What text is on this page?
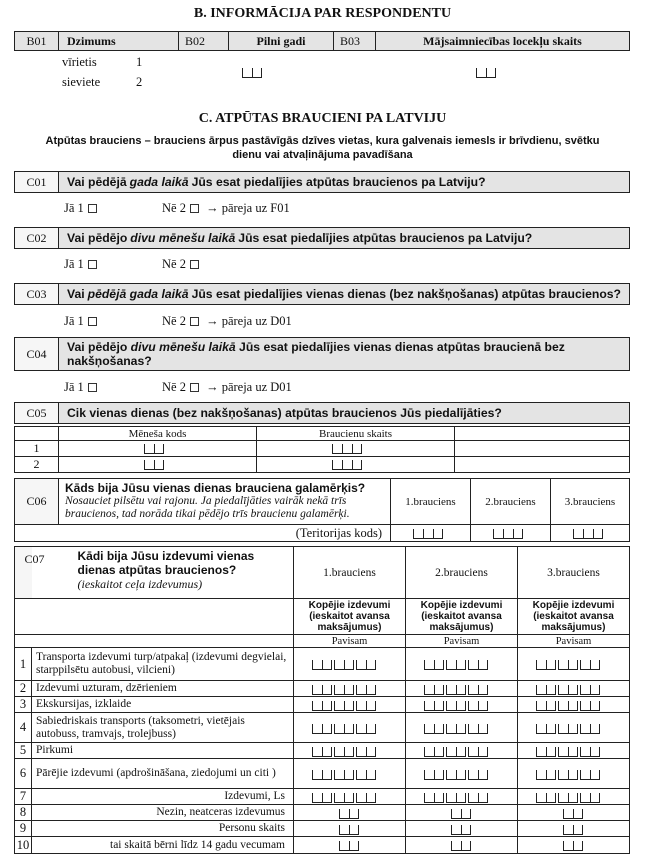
B. INFORMĀCIJA PAR RESPONDENTU
B01	Dzimums	B02	Pilni gadi	B03	Mājsaimniecības locekļu skaits
vīrietis	1
sieviete	2
C. ATPŪTAS BRAUCIENI PA LATVIJU
Atpūtas brauciens – brauciens ārpus pastāvīgās dzīves vietas, kura galvenais iemesls ir brīvdienu, svētku dienu vai atvaļinājuma pavadīšana
C01	Vai pēdējā gada laikā Jūs esat piedalījies atpūtas braucienos pa Latviju?
Jā 1	Nē 2 → pāreja uz F01
C02	Vai pēdējo divu mēnešu laikā Jūs esat piedalījies atpūtas braucienos pa Latviju?
Jā 1	Nē 2
C03	Vai pēdējā gada laikā Jūs esat piedalījies vienas dienas (bez nakšņošanas) atpūtas braucienos?
Jā 1	Nē 2 → pāreja uz D01
C04	Vai pēdējo divu mēnešu laikā Jūs esat piedalījies vienas dienas atpūtas braucienā bez nakšņošanas?
Jā 1	Nē 2 → pāreja uz D01
C05	Cik vienas dienas (bez nakšņošanas) atpūtas braucienos Jūs piedalījāties?
	Mēneša kods	Braucienu skaits	
1	

2	

C06	Kāds bija Jūsu vienas dienas brauciena galamērķis?
Nosauciet pilsētu vai rajonu. Ja piedalījāties vairāk nekā trīs braucienos, tad norāda tikai pēdējo trīs braucienu galamērķi.	1.brauciens	2.brauciens	3.brauciens
(Teritorijas kods)		

	C07 Kādi bija Jūsu izdevumi vienas dienas atpūtas braucienos?
(ieskaitot ceļa izdevumus)	1.brauciens	2.brauciens	3.brauciens
		Kopējie izdevumi (ieskaitot avansa maksājumus)	Kopējie izdevumi (ieskaitot avansa maksājumus)	Kopējie izdevumi (ieskaitot avansa maksājumus)
		Pavisam	Pavisam	Pavisam
1	Transporta izdevumi turp/atpakaļ (izdevumi degvielai, starppilsētu autobusi, vilcieni)	

2	Izdevumi uzturam, dzērieniem	

3	Ekskursijas, izklaide	

4	Sabiedriskais transports (taksometri, vietējais autobuss, tramvajs, trolejbuss)	

5	Pirkumi	

6	Pārējie izdevumi (apdrošināšana, ziedojumi un citi )	

7	Izdevumi, Ls	

8	Nezin, neatceras izdevumus	

9	Personu skaits	

10	tai skaitā bērni līdz 14 gadu vecumam	
